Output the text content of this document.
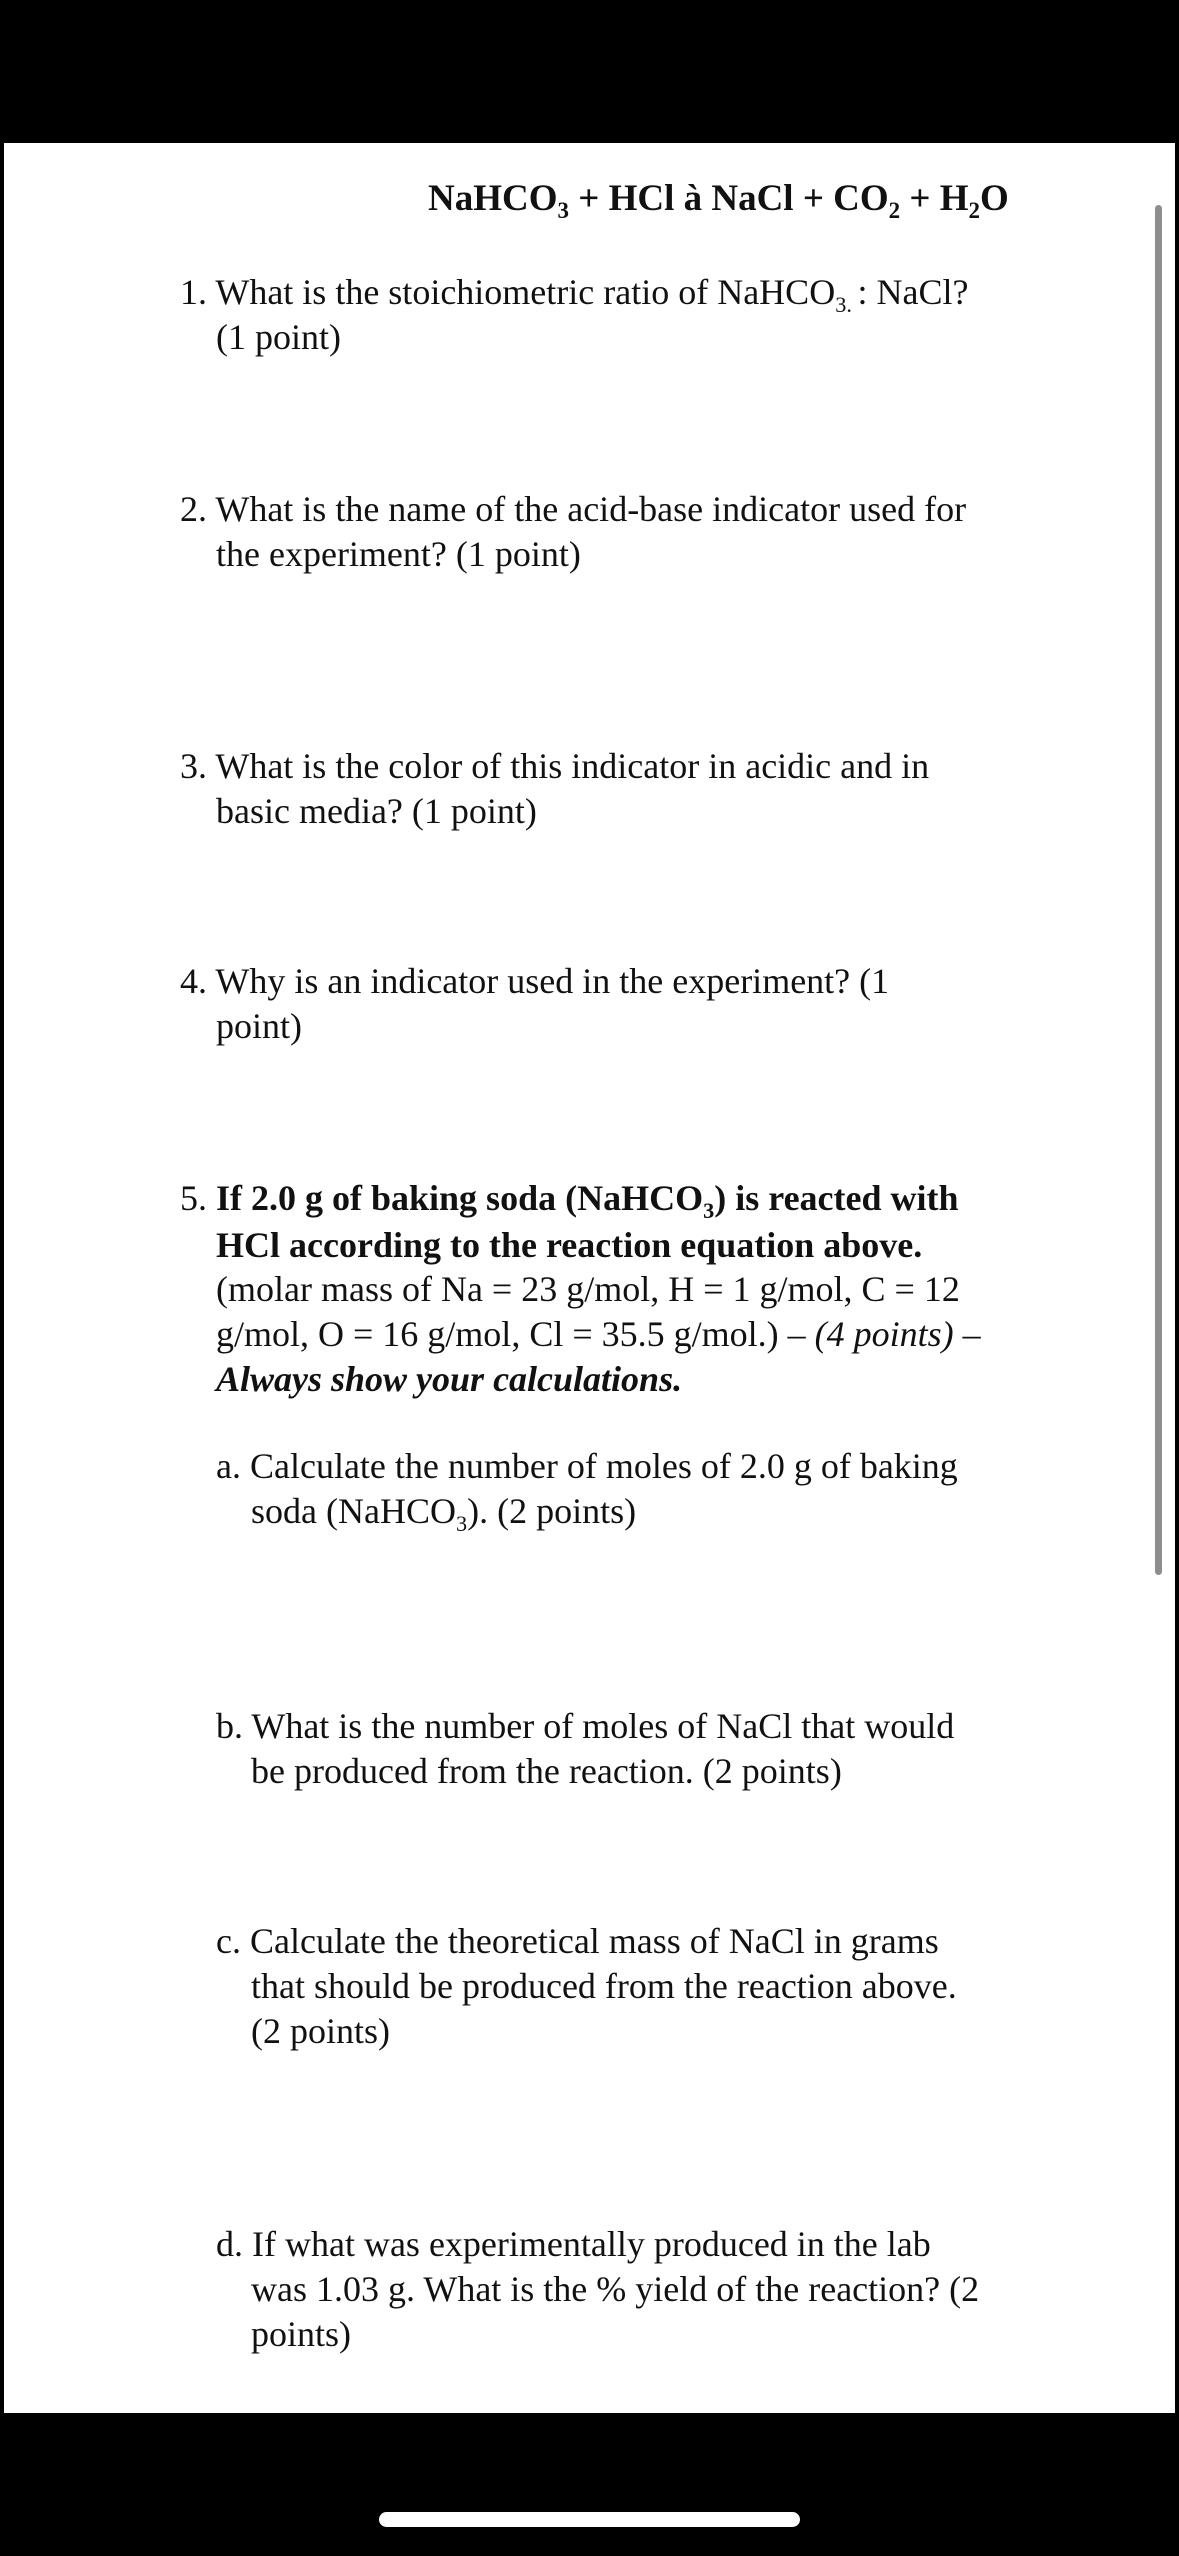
NaHCO$_3$ + HCl à NaCl + $CO_2 + H_2O$
1. What is the stoichiometric ratio of NaHCO$_{3.}$ : NaCl?
(1 point)
2. What is the name of the acid-base indicator used for
the experiment? (1 point)
3. What is the color of this indicator in acidic and in
basic media? (1 point)
4. Why is an indicator used in the experiment? (1
point)
5. If 2.0 g of baking soda (NaHCO$_3$) is reacted with
HCl according to the reaction equation above.
(molar mass of Na = 23 g/mol, H = 1 g/mol, C = 12
g/mol, O = 16 g/mol, Cl = 35.5 g/mol.) – (4 points) –
Always show your calculations.
a. Calculate the number of moles of 2.0 g of baking
soda (NaHCO$_3$). (2 points)
b. What is the number of moles of NaCl that would
be produced from the reaction. (2 points)
c. Calculate the theoretical mass of NaCl in grams
that should be produced from the reaction above.
(2 points)
d. If what was experimentally produced in the lab
was 1.03 g. What is the % yield of the reaction? (2
points)
